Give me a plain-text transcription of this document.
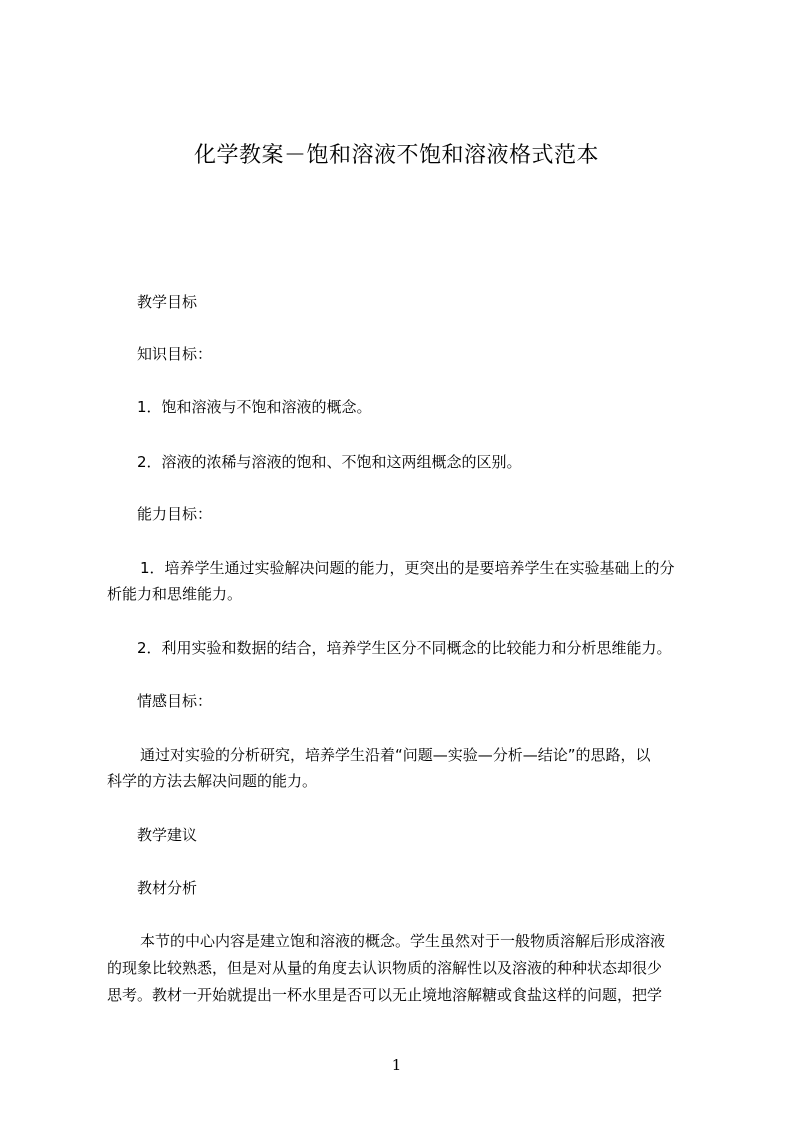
化学教案－饱和溶液不饱和溶液格式范本
教学目标
知识目标：
1．饱和溶液与不饱和溶液的概念。
2．溶液的浓稀与溶液的饱和、不饱和这两组概念的区别。
能力目标：
1．培养学生通过实验解决问题的能力，更突出的是要培养学生在实验基础上的分
析能力和思维能力。
2．利用实验和数据的结合，培养学生区分不同概念的比较能力和分析思维能力。
情感目标：
通过对实验的分析研究，培养学生沿着“问题—实验—分析—结论”的思路，以
科学的方法去解决问题的能力。
教学建议
教材分析
本节的中心内容是建立饱和溶液的概念。学生虽然对于一般物质溶解后形成溶液
的现象比较熟悉，但是对从量的角度去认识物质的溶解性以及溶液的种种状态却很少
思考。教材一开始就提出一杯水里是否可以无止境地溶解糖或食盐这样的问题，把学
1
